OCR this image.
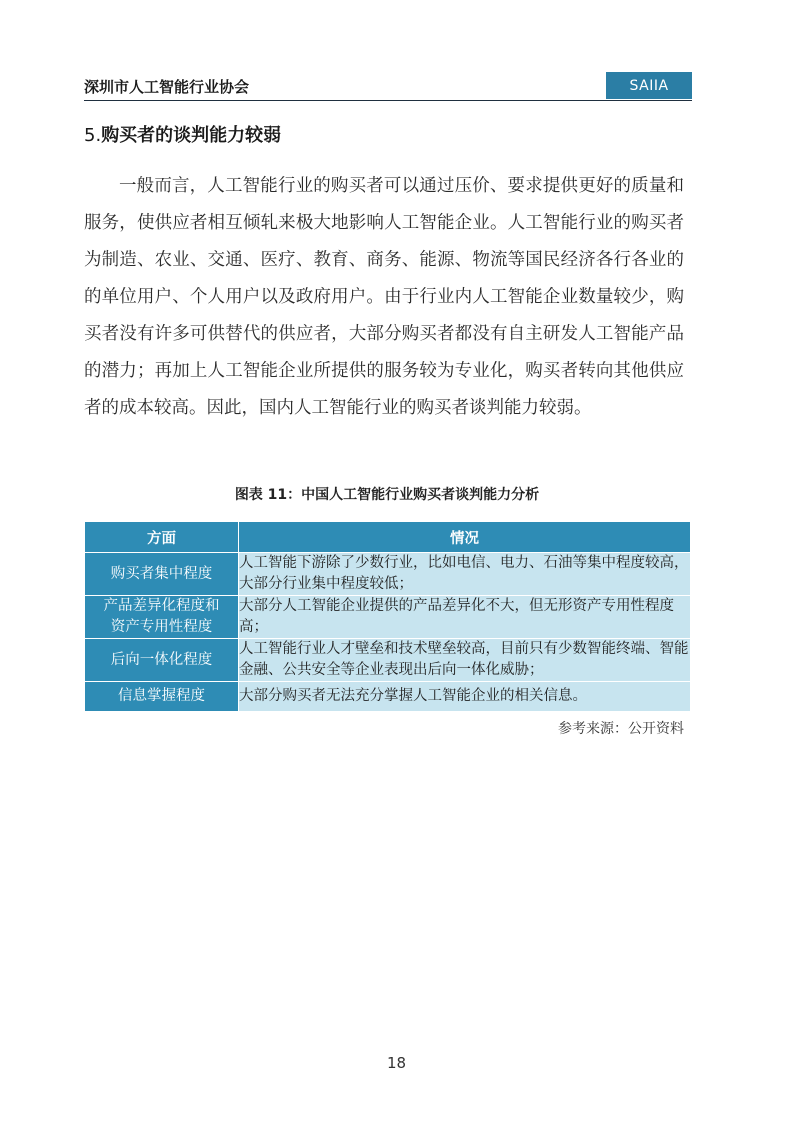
深圳市人工智能行业协会	SAIIA
5.购买者的谈判能力较弱

一般而言，人工智能行业的购买者可以通过压价、要求提供更好的质量和服务，使供应者相互倾轧来极大地影响人工智能企业。人工智能行业的购买者为制造、农业、交通、医疗、教育、商务、能源、物流等国民经济各行各业的的单位用户、个人用户以及政府用户。由于行业内人工智能企业数量较少，购买者没有许多可供替代的供应者，大部分购买者都没有自主研发人工智能产品的潜力；再加上人工智能企业所提供的服务较为专业化，购买者转向其他供应者的成本较高。因此，国内人工智能行业的购买者谈判能力较弱。

图表 11：中国人工智能行业购买者谈判能力分析
方面	情况
购买者集中程度	人工智能下游除了少数行业，比如电信、电力、石油等集中程度较高，大部分行业集中程度较低；
产品差异化程度和
资产专用性程度	大部分人工智能企业提供的产品差异化不大，但无形资产专用性程度高；
后向一体化程度	人工智能行业人才壁垒和技术壁垒较高，目前只有少数智能终端、智能金融、公共安全等企业表现出后向一体化威胁；
信息掌握程度	大部分购买者无法充分掌握人工智能企业的相关信息。
参考来源：公开资料
18
